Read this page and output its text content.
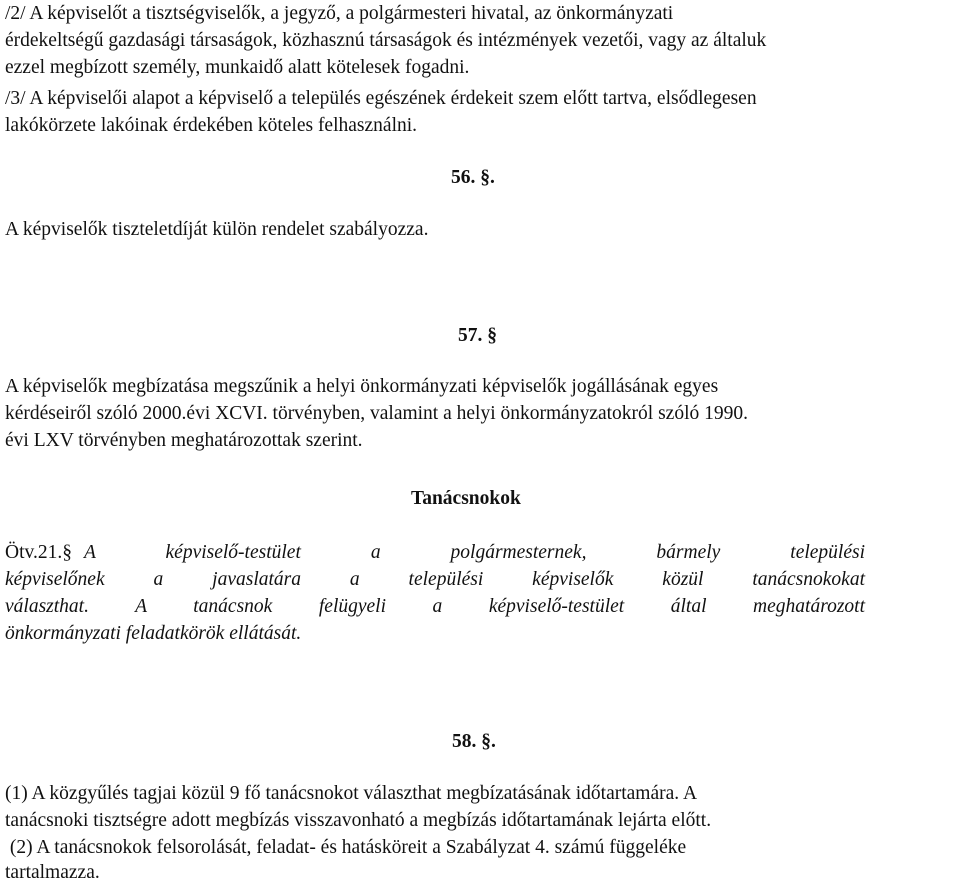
/2/ A képviselőt a tisztségviselők, a jegyző, a polgármesteri hivatal, az önkormányzati

érdekeltségű gazdasági társaságok, közhasznú társaságok és intézmények vezetői, vagy az általuk

ezzel megbízott személy, munkaidő alatt kötelesek fogadni.

/3/ A képviselői alapot a képviselő a település egészének érdekeit szem előtt tartva, elsődlegesen

lakókörzete lakóinak érdekében köteles felhasználni.

56. §.

A képviselők tiszteletdíját külön rendelet szabályozza.

57. §

A képviselők megbízatása megszűnik a helyi önkormányzati képviselők jogállásának egyes

kérdéseiről szóló 2000.évi XCVI. törvényben, valamint a helyi önkormányzatokról szóló 1990.

évi LXV törvényben meghatározottak szerint.

Tanácsnokok

Ötv.21.§ A képviselő-testület a polgármesternek, bármely települési

képviselőnek a javaslatára a települési képviselők közül tanácsnokokat

választhat. A tanácsnok felügyeli a képviselő-testület által meghatározott

önkormányzati feladatkörök ellátását.

58. §.

(1) A közgyűlés tagjai közül 9 fő tanácsnokot választhat megbízatásának időtartamára. A

tanácsnoki tisztségre adott megbízás visszavonható a megbízás időtartamának lejárta előtt.

(2) A tanácsnokok felsorolását, feladat- és hatásköreit a Szabályzat 4. számú függeléke

tartalmazza.
